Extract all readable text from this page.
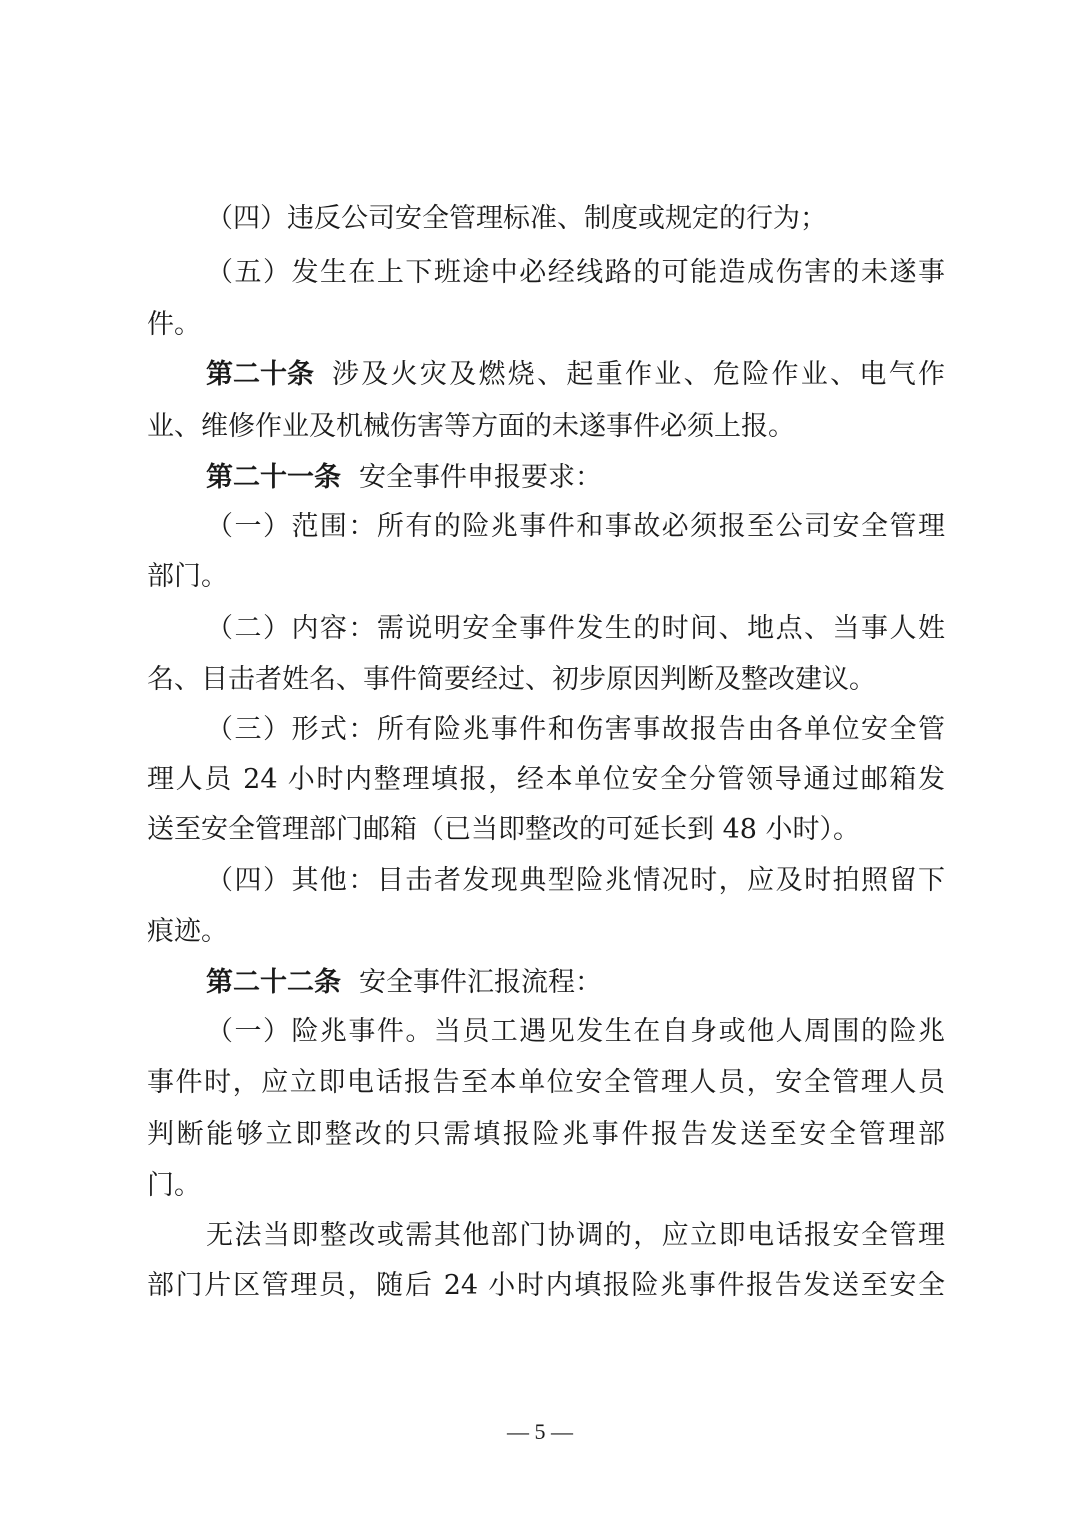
（四）违反公司安全管理标准、制度或规定的行为；
（五）发生在上下班途中必经线路的可能造成伤害的未遂事
件。
第二十条 涉及火灾及燃烧、起重作业、危险作业、电气作
业、维修作业及机械伤害等方面的未遂事件必须上报。
第二十一条 安全事件申报要求：
（一）范围：所有的险兆事件和事故必须报至公司安全管理
部门。
（二）内容：需说明安全事件发生的时间、地点、当事人姓
名、目击者姓名、事件简要经过、初步原因判断及整改建议。
（三）形式：所有险兆事件和伤害事故报告由各单位安全管
理人员 24 小时内整理填报，经本单位安全分管领导通过邮箱发
送至安全管理部门邮箱（已当即整改的可延长到 48 小时）。
（四）其他：目击者发现典型险兆情况时，应及时拍照留下
痕迹。
第二十二条 安全事件汇报流程：
（一）险兆事件。当员工遇见发生在自身或他人周围的险兆
事件时，应立即电话报告至本单位安全管理人员，安全管理人员
判断能够立即整改的只需填报险兆事件报告发送至安全管理部
门。
无法当即整改或需其他部门协调的，应立即电话报安全管理
部门片区管理员，随后 24 小时内填报险兆事件报告发送至安全
— 5 —
